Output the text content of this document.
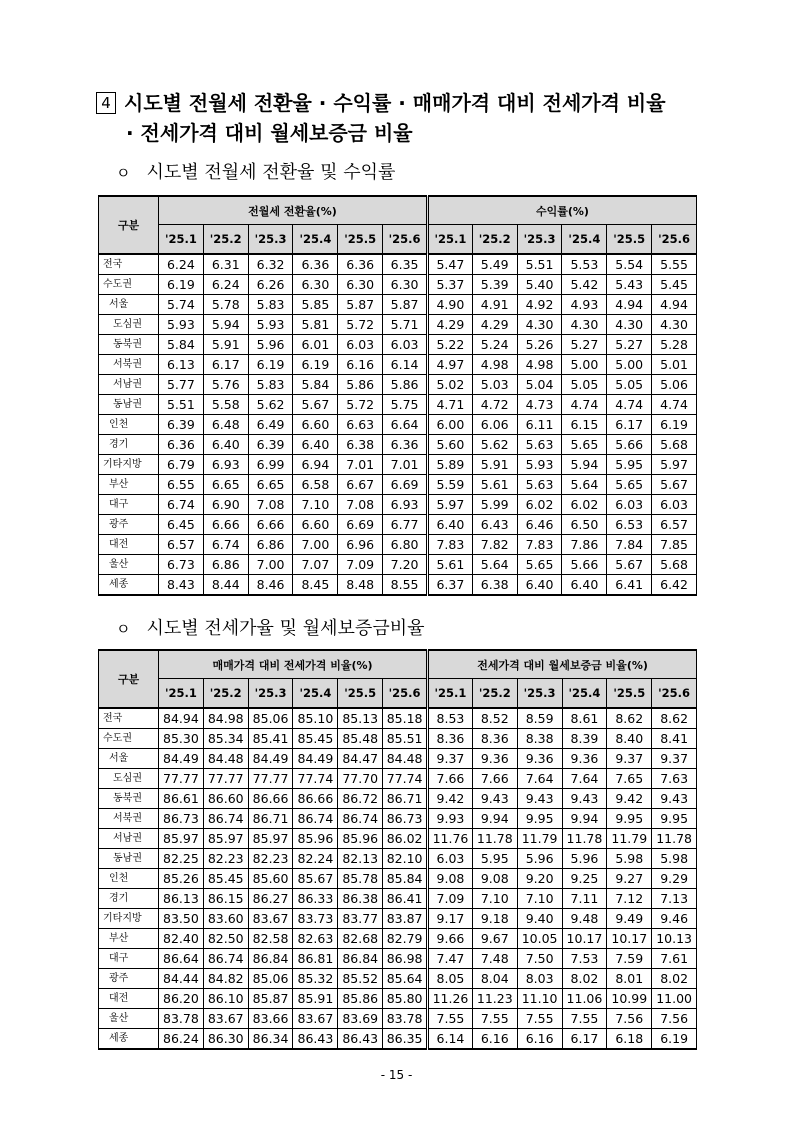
4 시도별 전월세 전환율 · 수익률 · 매매가격 대비 전세가격 비율
· 전세가격 대비 월세보증금 비율
ㅇ 시도별 전월세 전환율 및 수익률
구분	전월세 전환율(%)						수익률(%)					
	'25.1	'25.2	'25.3	'25.4	'25.5	'25.6	'25.1	'25.2	'25.3	'25.4	'25.5	'25.6
전국	6.24	6.31	6.32	6.36	6.36	6.35	5.47	5.49	5.51	5.53	5.54	5.55
수도권	6.19	6.24	6.26	6.30	6.30	6.30	5.37	5.39	5.40	5.42	5.43	5.45
서울	5.74	5.78	5.83	5.85	5.87	5.87	4.90	4.91	4.92	4.93	4.94	4.94
도심권	5.93	5.94	5.93	5.81	5.72	5.71	4.29	4.29	4.30	4.30	4.30	4.30
동북권	5.84	5.91	5.96	6.01	6.03	6.03	5.22	5.24	5.26	5.27	5.27	5.28
서북권	6.13	6.17	6.19	6.19	6.16	6.14	4.97	4.98	4.98	5.00	5.00	5.01
서남권	5.77	5.76	5.83	5.84	5.86	5.86	5.02	5.03	5.04	5.05	5.05	5.06
동남권	5.51	5.58	5.62	5.67	5.72	5.75	4.71	4.72	4.73	4.74	4.74	4.74
인천	6.39	6.48	6.49	6.60	6.63	6.64	6.00	6.06	6.11	6.15	6.17	6.19
경기	6.36	6.40	6.39	6.40	6.38	6.36	5.60	5.62	5.63	5.65	5.66	5.68
기타지방	6.79	6.93	6.99	6.94	7.01	7.01	5.89	5.91	5.93	5.94	5.95	5.97
부산	6.55	6.65	6.65	6.58	6.67	6.69	5.59	5.61	5.63	5.64	5.65	5.67
대구	6.74	6.90	7.08	7.10	7.08	6.93	5.97	5.99	6.02	6.02	6.03	6.03
광주	6.45	6.66	6.66	6.60	6.69	6.77	6.40	6.43	6.46	6.50	6.53	6.57
대전	6.57	6.74	6.86	7.00	6.96	6.80	7.83	7.82	7.83	7.86	7.84	7.85
울산	6.73	6.86	7.00	7.07	7.09	7.20	5.61	5.64	5.65	5.66	5.67	5.68
세종	8.43	8.44	8.46	8.45	8.48	8.55	6.37	6.38	6.40	6.40	6.41	6.42
ㅇ 시도별 전세가율 및 월세보증금비율
구분	매매가격 대비 전세가격 비율(%)						전세가격 대비 월세보증금 비율(%)					
	'25.1	'25.2	'25.3	'25.4	'25.5	'25.6	'25.1	'25.2	'25.3	'25.4	'25.5	'25.6
전국	84.94	84.98	85.06	85.10	85.13	85.18	8.53	8.52	8.59	8.61	8.62	8.62
수도권	85.30	85.34	85.41	85.45	85.48	85.51	8.36	8.36	8.38	8.39	8.40	8.41
서울	84.49	84.48	84.49	84.49	84.47	84.48	9.37	9.36	9.36	9.36	9.37	9.37
도심권	77.77	77.77	77.77	77.74	77.70	77.74	7.66	7.66	7.64	7.64	7.65	7.63
동북권	86.61	86.60	86.66	86.66	86.72	86.71	9.42	9.43	9.43	9.43	9.42	9.43
서북권	86.73	86.74	86.71	86.74	86.74	86.73	9.93	9.94	9.95	9.94	9.95	9.95
서남권	85.97	85.97	85.97	85.96	85.96	86.02	11.76	11.78	11.79	11.78	11.79	11.78
동남권	82.25	82.23	82.23	82.24	82.13	82.10	6.03	5.95	5.96	5.96	5.98	5.98
인천	85.26	85.45	85.60	85.67	85.78	85.84	9.08	9.08	9.20	9.25	9.27	9.29
경기	86.13	86.15	86.27	86.33	86.38	86.41	7.09	7.10	7.10	7.11	7.12	7.13
기타지방	83.50	83.60	83.67	83.73	83.77	83.87	9.17	9.18	9.40	9.48	9.49	9.46
부산	82.40	82.50	82.58	82.63	82.68	82.79	9.66	9.67	10.05	10.17	10.17	10.13
대구	86.64	86.74	86.84	86.81	86.84	86.98	7.47	7.48	7.50	7.53	7.59	7.61
광주	84.44	84.82	85.06	85.32	85.52	85.64	8.05	8.04	8.03	8.02	8.01	8.02
대전	86.20	86.10	85.87	85.91	85.86	85.80	11.26	11.23	11.10	11.06	10.99	11.00
울산	83.78	83.67	83.66	83.67	83.69	83.78	7.55	7.55	7.55	7.55	7.56	7.56
세종	86.24	86.30	86.34	86.43	86.43	86.35	6.14	6.16	6.16	6.17	6.18	6.19
- 15 -
